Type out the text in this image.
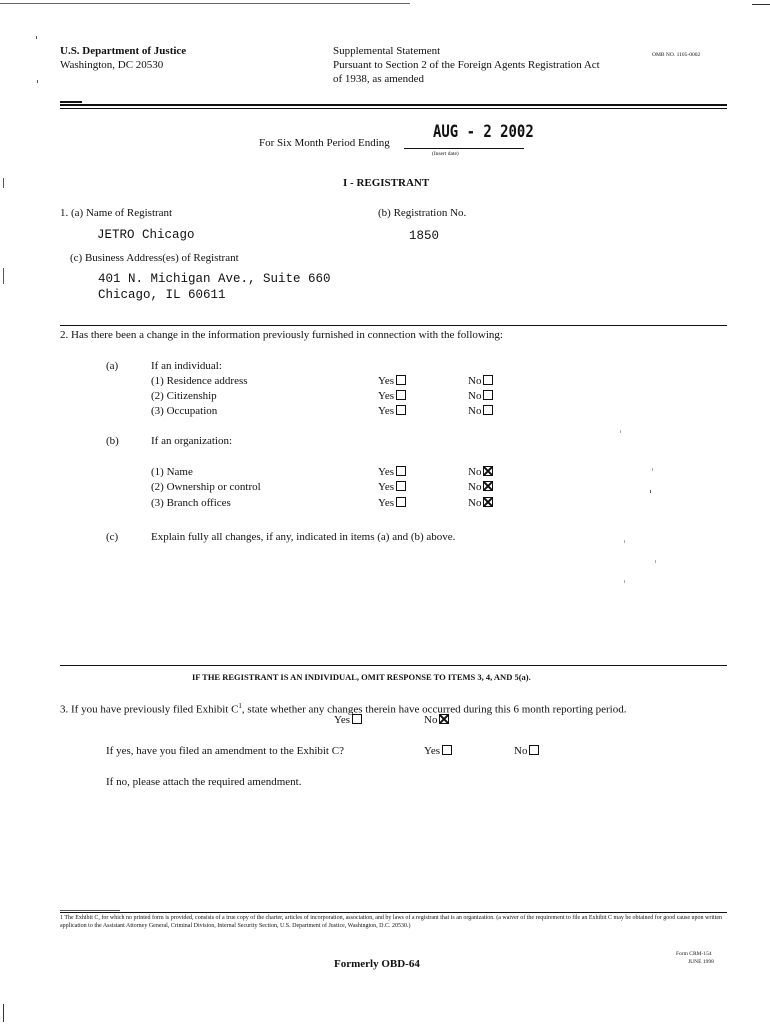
U.S. Department of Justice
Washington, DC 20530
Supplemental Statement
Pursuant to Section 2 of the Foreign Agents Registration Act
of 1938, as amended
OMB NO. 1105-0002
For Six Month Period Ending
AUG - 2 2002
(Insert date)
I - REGISTRANT
1. (a) Name of Registrant
JETRO Chicago
(b) Registration No.
1850
(c) Business Address(es) of Registrant
401 N. Michigan Ave., Suite 660
Chicago, IL 60611
2. Has there been a change in the information previously furnished in connection with the following:
(a)	If an individual:
(1) Residence address	Yes	No
(2) Citizenship	Yes	No
(3) Occupation	Yes	No
(b)	If an organization:
(1) Name	Yes	No
(2) Ownership or control	Yes	No
(3) Branch offices	Yes	No
(c)	Explain fully all changes, if any, indicated in items (a) and (b) above.
IF THE REGISTRANT IS AN INDIVIDUAL, OMIT RESPONSE TO ITEMS 3, 4, AND 5(a).
3. If you have previously filed Exhibit $C^1$, state whether any changes therein have occurred during this 6 month reporting period.
Yes	No
If yes, have you filed an amendment to the Exhibit C?	Yes	No
If no, please attach the required amendment.
1 The Exhibit C, for which no printed form is provided, consists of a true copy of the charter, articles of incorporation, association, and by laws of a registrant that is an organization. (a waiver of the requirement to file an Exhibit C may be obtained for good cause upon written application to the Assistant Attorney General, Criminal Division, Internal Security Section, U.S. Department of Justice, Washington, D.C. 20530.)
Formerly OBD-64
Form CRM-154
JUNE 1998
